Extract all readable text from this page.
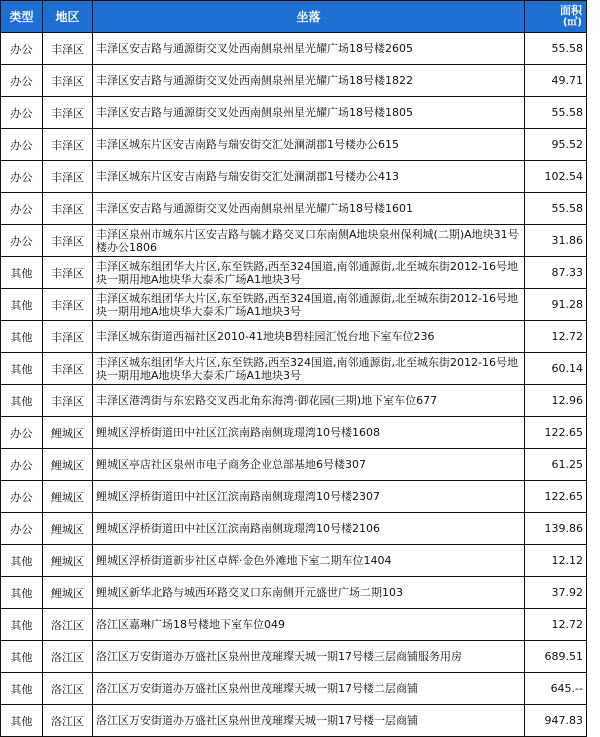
类型	地区	坐落	面积
(㎡)

办公	丰泽区	丰泽区安吉路与通源街交叉处西南侧泉州星光耀广场18号楼2605	55.58
办公	丰泽区	丰泽区安吉路与通源街交叉处西南侧泉州星光耀广场18号楼1822	49.71
办公	丰泽区	丰泽区安吉路与通源街交叉处西南侧泉州星光耀广场18号楼1805	55.58
办公	丰泽区	丰泽区城东片区安吉南路与瑞安街交汇处澜湖郡1号楼办公615	95.52
办公	丰泽区	丰泽区城东片区安吉南路与瑞安街交汇处澜湖郡1号楼办公413	102.54
办公	丰泽区	丰泽区安吉路与通源街交叉处西南侧泉州星光耀广场18号楼1601	55.58
办公	丰泽区	丰泽区泉州市城东片区安吉路与毓才路交叉口东南侧A地块泉州保利城(二期)A地块31号楼办公1806	31.86
其他	丰泽区	丰泽区城东组团华大片区,东至铁路,西至324国道,南邻通源街,北至城东街2012-16号地块一期用地A地块华大泰禾广场A1地块3号	87.33
其他	丰泽区	丰泽区城东组团华大片区,东至铁路,西至324国道,南邻通源街,北至城东街2012-16号地块一期用地A地块华大泰禾广场A1地块3号	91.28
其他	丰泽区	丰泽区城东街道西福社区2010-41地块B碧桂园汇悦台地下室车位236	12.72
其他	丰泽区	丰泽区城东组团华大片区,东至铁路,西至324国道,南邻通源街,北至城东街2012-16号地块一期用地A地块华大泰禾广场A1地块3号	60.14
其他	丰泽区	丰泽区港湾街与东宏路交叉西北角东海湾·御花园(三期)地下室车位677	12.96
办公	鲤城区	鲤城区浮桥街道田中社区江滨南路南侧珑璟湾10号楼1608	122.65
办公	鲤城区	鲤城区亭店社区泉州市电子商务企业总部基地6号楼307	61.25
办公	鲤城区	鲤城区浮桥街道田中社区江滨南路南侧珑璟湾10号楼2307	122.65
办公	鲤城区	鲤城区浮桥街道田中社区江滨南路南侧珑璟湾10号楼2106	139.86
其他	鲤城区	鲤城区浮桥街道新步社区卓辉·金色外滩地下室二期车位1404	12.12
其他	鲤城区	鲤城区新华北路与城西环路交叉口东南侧开元盛世广场二期103	37.92
其他	洛江区	洛江区嘉琳广场18号楼地下室车位049	12.72
其他	洛江区	洛江区万安街道办万盛社区泉州世茂璀璨天城一期17号楼三层商铺服务用房	689.51
其他	洛江区	洛江区万安街道办万盛社区泉州世茂璀璨天城一期17号楼二层商铺	645.--
其他	洛江区	洛江区万安街道办万盛社区泉州世茂璀璨天城一期17号楼一层商铺	947.83
